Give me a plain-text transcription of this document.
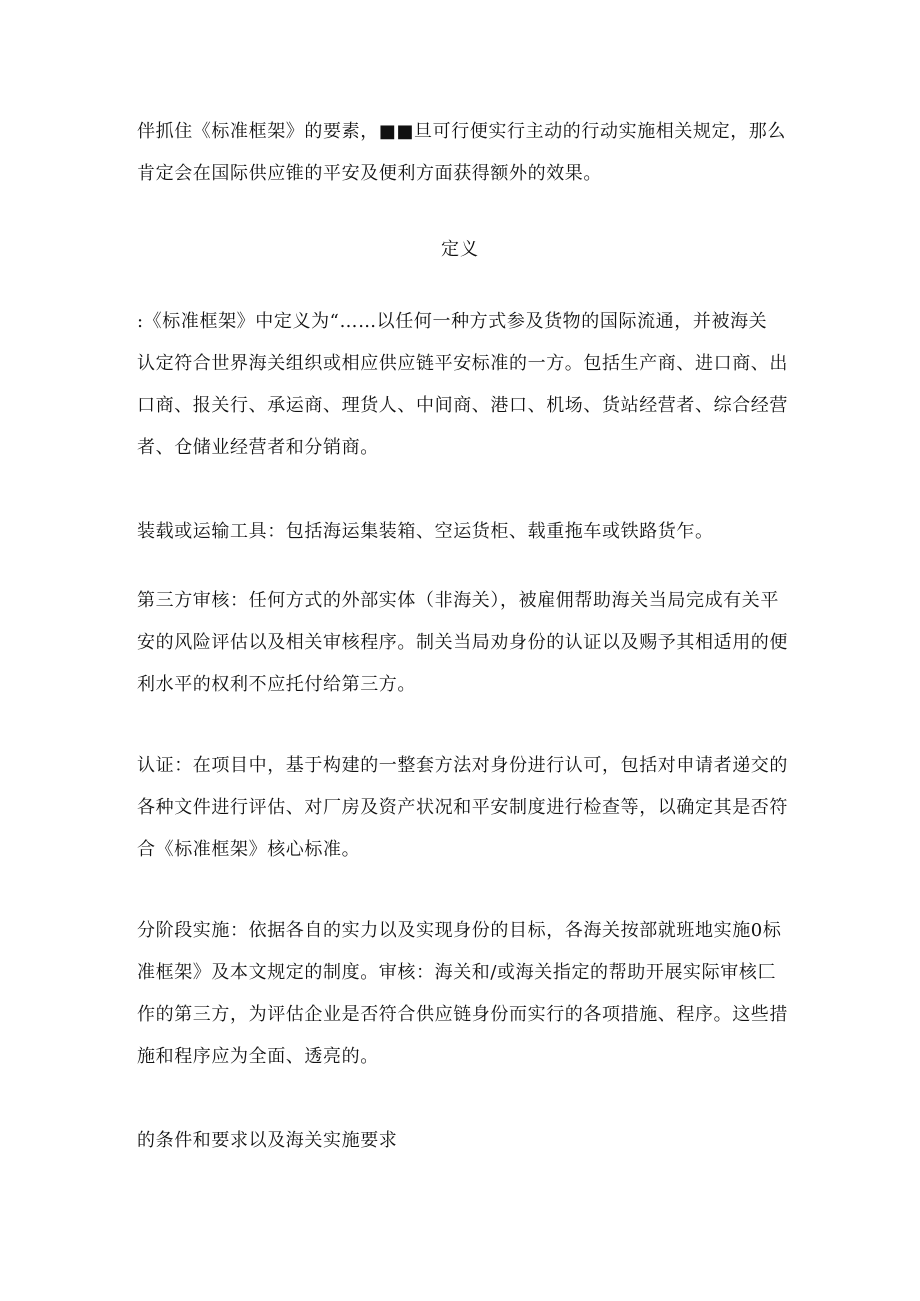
伴抓住《标准框架》的要素，■■旦可行便实行主动的行动实施相关规定，那么
肯定会在国际供应锥的平安及便利方面获得额外的效果。
定义
:《标准框架》中定义为“……以任何一种方式参及货物的国际流通，并被海关
认定符合世界海关组织或相应供应链平安标准的一方。包括生产商、进口商、出
口商、报关行、承运商、理货人、中间商、港口、机场、货站经营者、综合经营
者、仓储业经营者和分销商。
装载或运输工具：包括海运集装箱、空运货柜、载重拖车或铁路货乍。
第三方审核：任何方式的外部实体（非海关），被雇佣帮助海关当局完成有关平
安的风险评估以及相关审核程序。制关当局劝身份的认证以及赐予其相适用的便
利水平的权利不应托付给第三方。
认证：在项目中，基于构建的一整套方法对身份进行认可，包括对申请者递交的
各种文件进行评估、对厂房及资产状况和平安制度进行检查等，以确定其是否符
合《标准框架》核心标准。
分阶段实施：依据各自的实力以及实现身份的目标，各海关按部就班地实施0标
准框架》及本文规定的制度。审核：海关和/或海关指定的帮助开展实际审核匚
作的第三方，为评估企业是否符合供应链身份而实行的各项措施、程序。这些措
施和程序应为全面、透亮的。
的条件和要求以及海关实施要求
